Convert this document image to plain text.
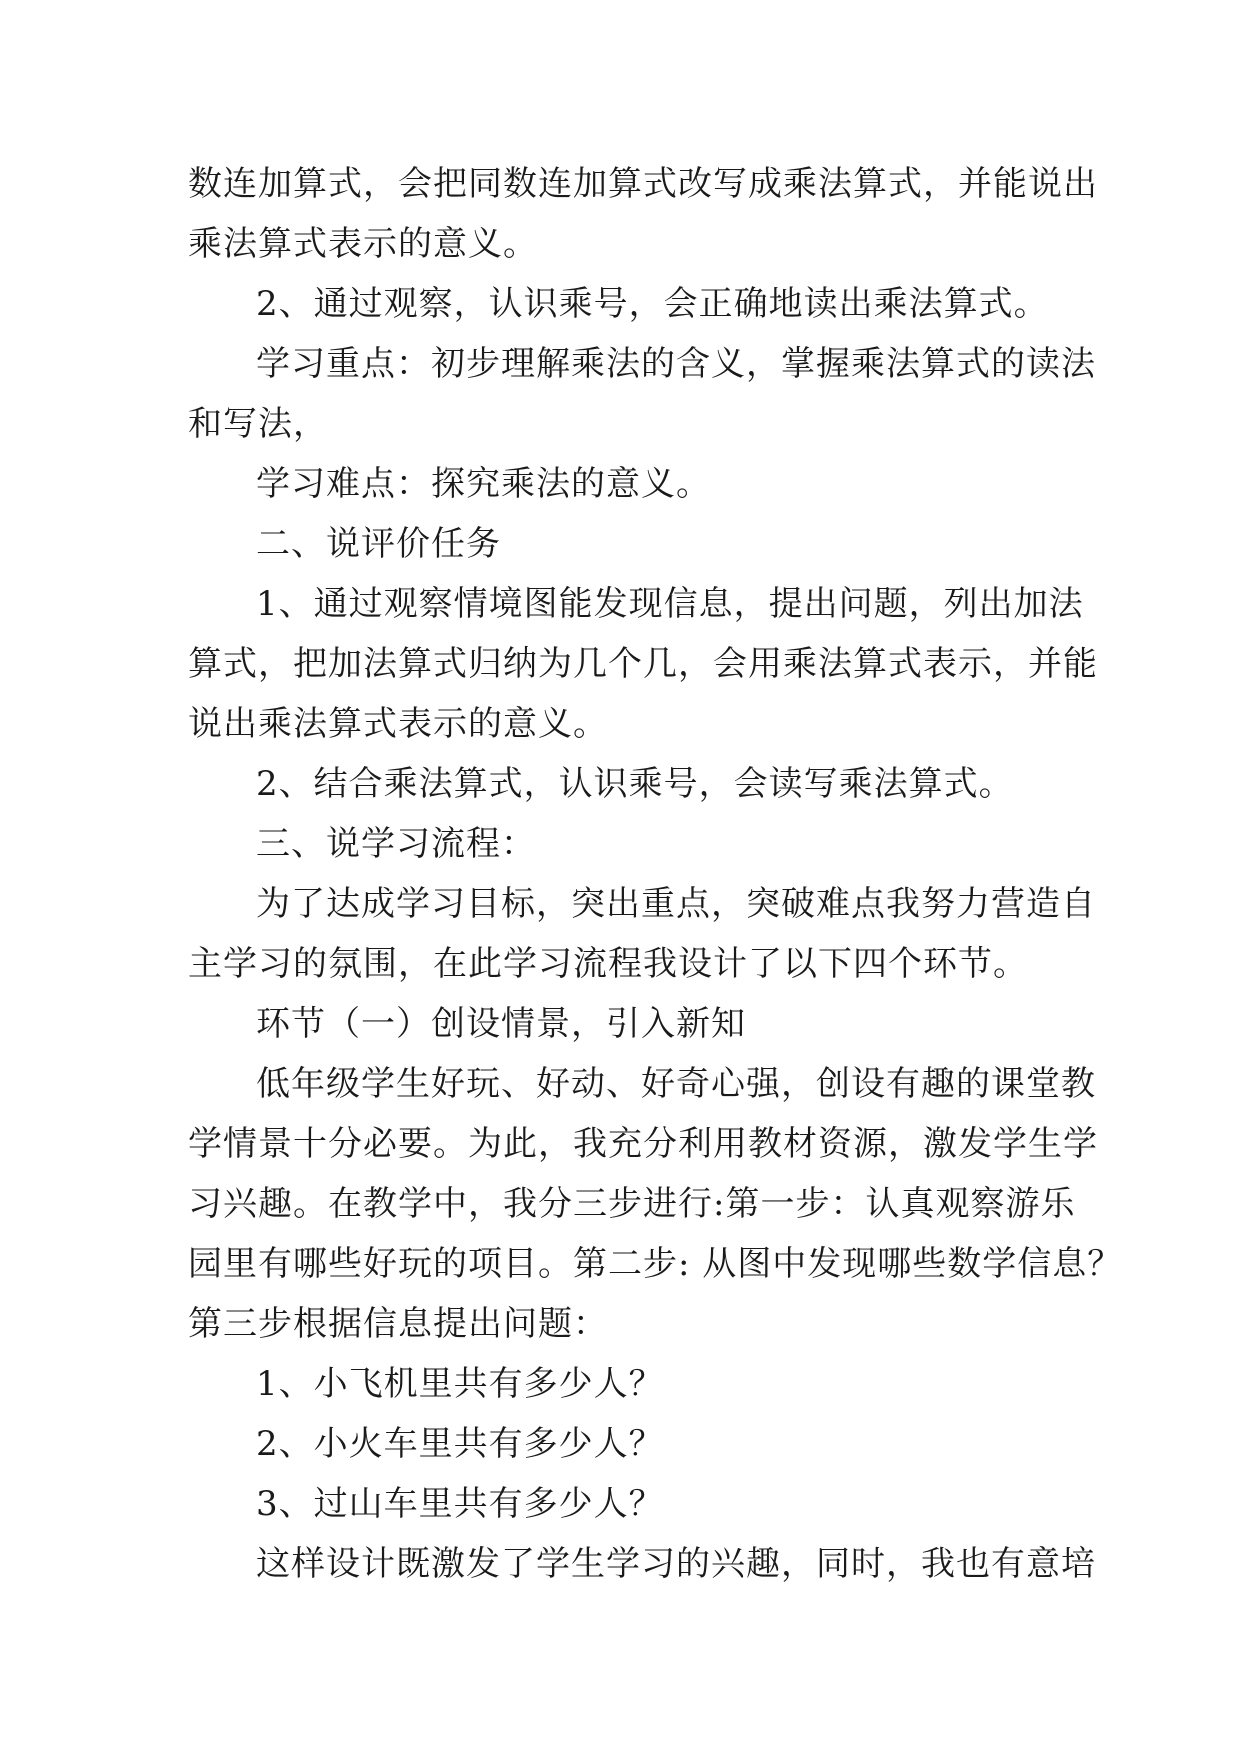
数连加算式，会把同数连加算式改写成乘法算式，并能说出
乘法算式表示的意义。
2、通过观察，认识乘号，会正确地读出乘法算式。
学习重点：初步理解乘法的含义，掌握乘法算式的读法
和写法，
学习难点：探究乘法的意义。
二、说评价任务
1、通过观察情境图能发现信息，提出问题，列出加法
算式，把加法算式归纳为几个几，会用乘法算式表示，并能
说出乘法算式表示的意义。
2、结合乘法算式，认识乘号，会读写乘法算式。
三、说学习流程：
为了达成学习目标，突出重点，突破难点我努力营造自
主学习的氛围，在此学习流程我设计了以下四个环节。
环节（一）创设情景，引入新知
低年级学生好玩、好动、好奇心强，创设有趣的课堂教
学情景十分必要。为此，我充分利用教材资源，激发学生学
习兴趣。在教学中，我分三步进行:第一步：认真观察游乐
园里有哪些好玩的项目。第二步: 从图中发现哪些数学信息？
第三步根据信息提出问题：
1、小飞机里共有多少人？
2、小火车里共有多少人？
3、过山车里共有多少人？
这样设计既激发了学生学习的兴趣，同时，我也有意培
